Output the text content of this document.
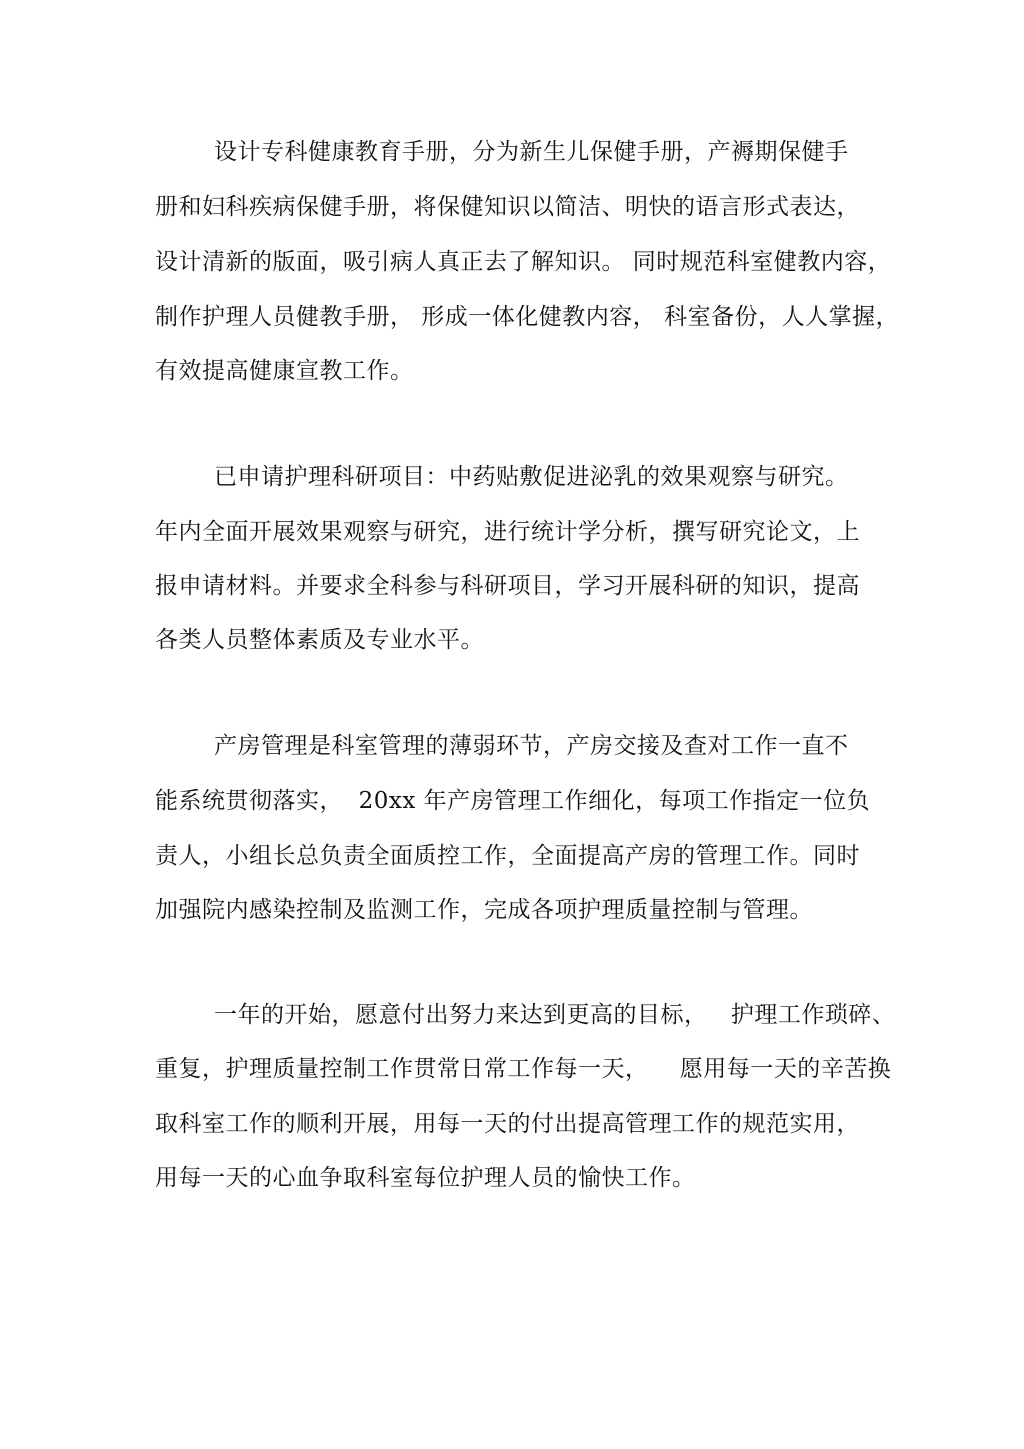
设计专科健康教育手册，分为新生儿保健手册，产褥期保健手
册和妇科疾病保健手册，将保健知识以简洁、明快的语言形式表达，
设计清新的版面，吸引病人真正去了解知识。 同时规范科室健教内容，
制作护理人员健教手册， 形成一体化健教内容， 科室备份，人人掌握，
有效提高健康宣教工作。
已申请护理科研项目：中药贴敷促进泌乳的效果观察与研究。
年内全面开展效果观察与研究，进行统计学分析，撰写研究论文，上
报申请材料。并要求全科参与科研项目，学习开展科研的知识，提高
各类人员整体素质及专业水平。
产房管理是科室管理的薄弱环节，产房交接及查对工作一直不
能系统贯彻落实，  20xx 年产房管理工作细化，每项工作指定一位负
责人，小组长总负责全面质控工作，全面提高产房的管理工作。同时
加强院内感染控制及监测工作，完成各项护理质量控制与管理。
一年的开始，愿意付出努力来达到更高的目标，   护理工作琐碎、
重复，护理质量控制工作贯常日常工作每一天，    愿用每一天的辛苦换
取科室工作的顺利开展，用每一天的付出提高管理工作的规范实用，
用每一天的心血争取科室每位护理人员的愉快工作。
